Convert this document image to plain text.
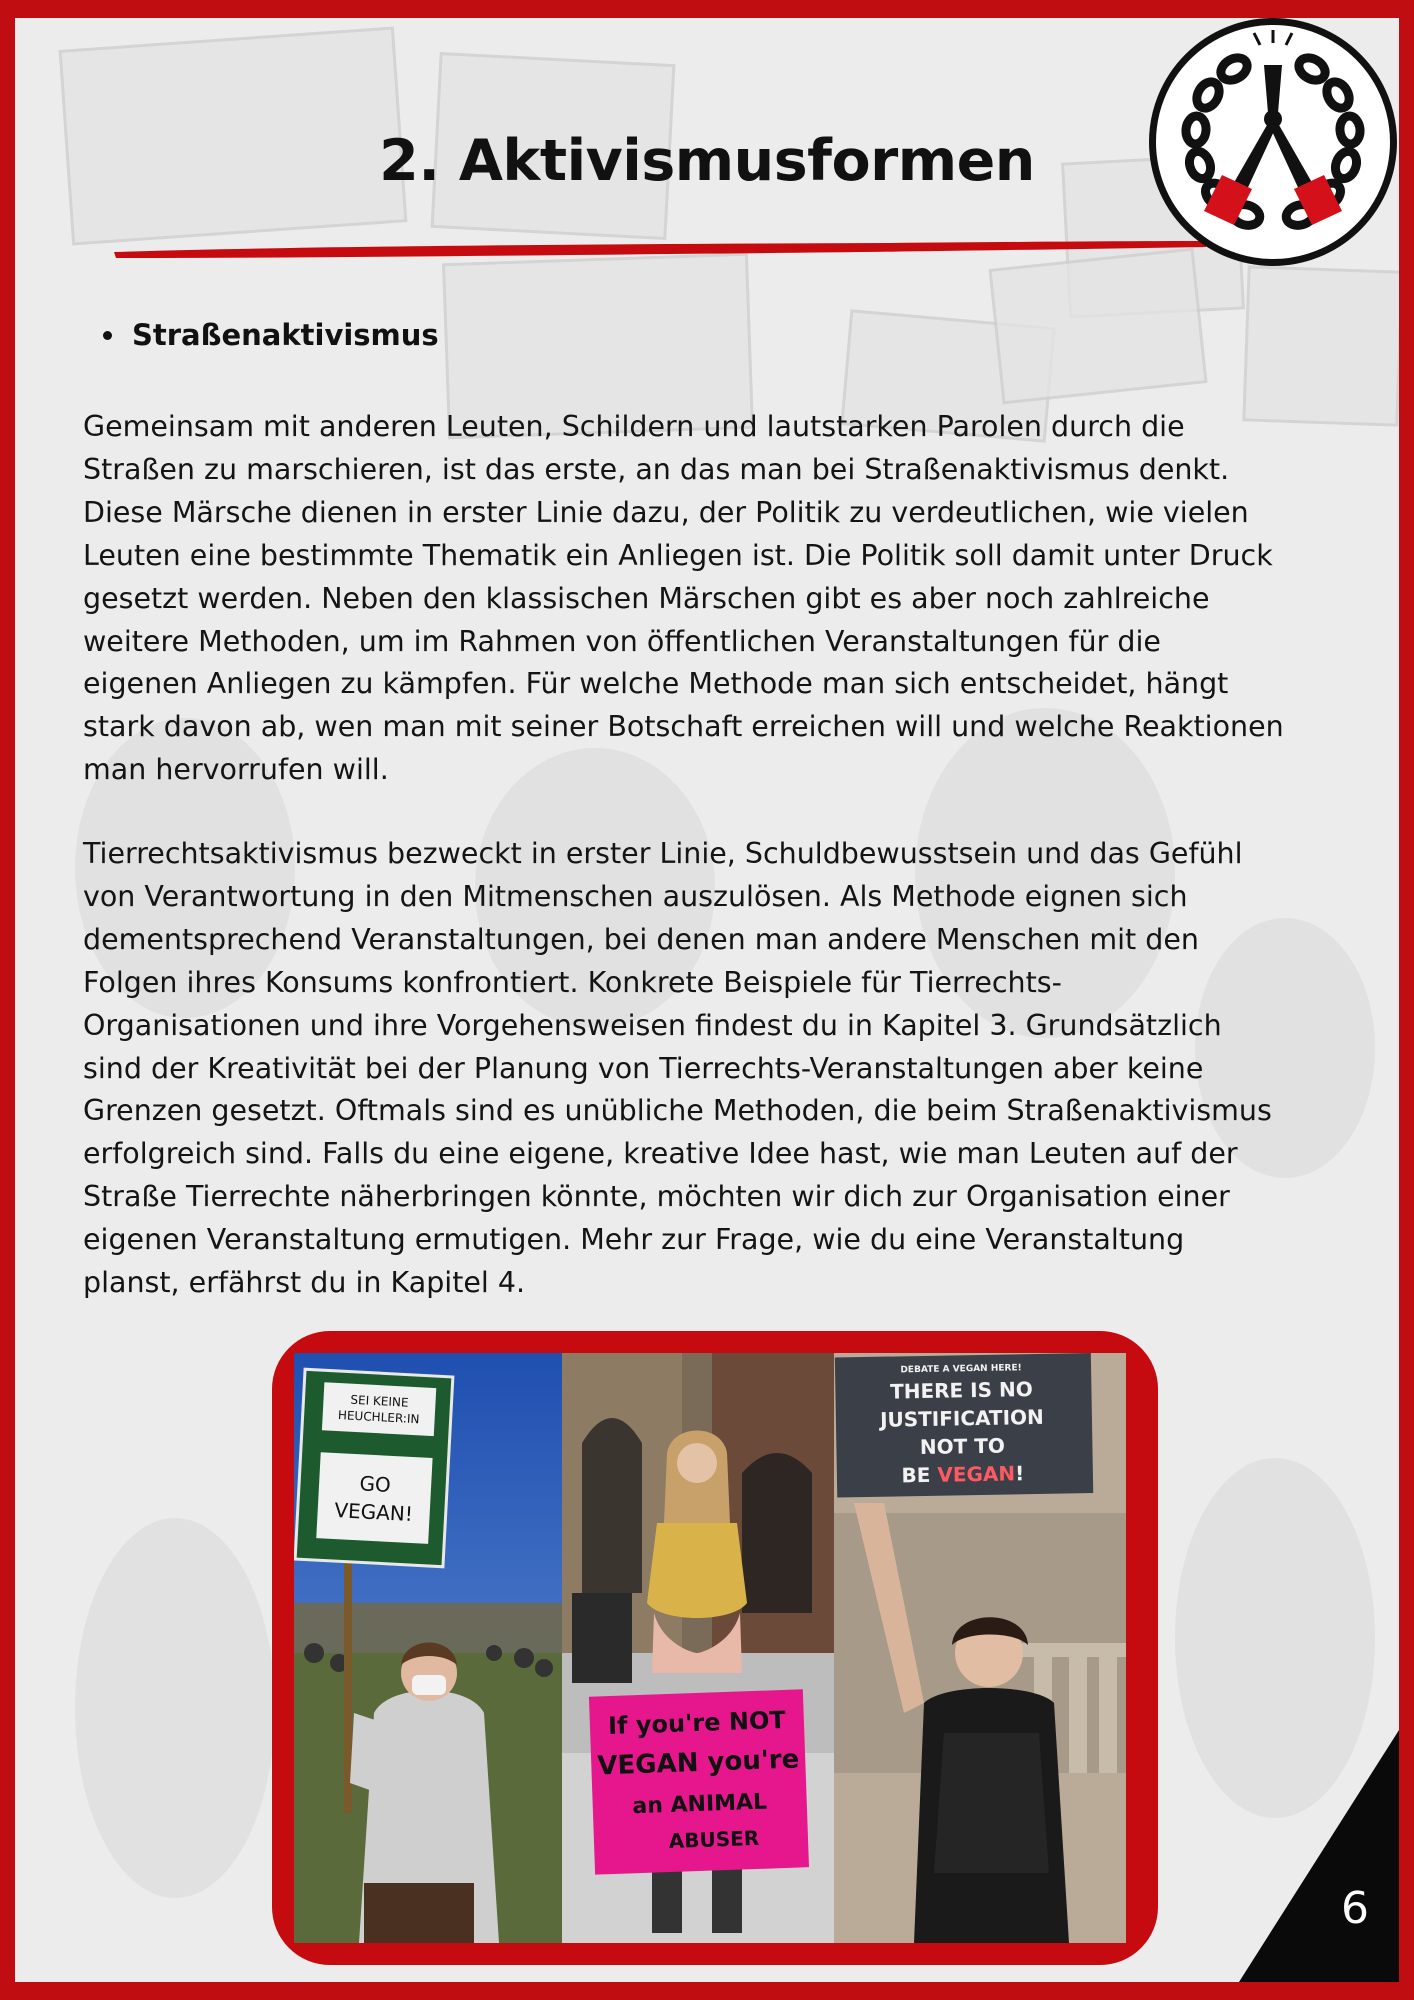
2. Aktivismusformen
Straßenaktivismus

Gemeinsam mit anderen Leuten, Schildern und lautstarken Parolen durch die
Straßen zu marschieren, ist das erste, an das man bei Straßenaktivismus denkt.
Diese Märsche dienen in erster Linie dazu, der Politik zu verdeutlichen, wie vielen
Leuten eine bestimmte Thematik ein Anliegen ist. Die Politik soll damit unter Druck
gesetzt werden. Neben den klassischen Märschen gibt es aber noch zahlreiche
weitere Methoden, um im Rahmen von öffentlichen Veranstaltungen für die
eigenen Anliegen zu kämpfen. Für welche Methode man sich entscheidet, hängt
stark davon ab, wen man mit seiner Botschaft erreichen will und welche Reaktionen
man hervorrufen will.

Tierrechtsaktivismus bezweckt in erster Linie, Schuldbewusstsein und das Gefühl
von Verantwortung in den Mitmenschen auszulösen. Als Methode eignen sich
dementsprechend Veranstaltungen, bei denen man andere Menschen mit den
Folgen ihres Konsums konfrontiert. Konkrete Beispiele für Tierrechts-
Organisationen und ihre Vorgehensweisen findest du in Kapitel 3. Grundsätzlich
sind der Kreativität bei der Planung von Tierrechts-Veranstaltungen aber keine
Grenzen gesetzt. Oftmals sind es unübliche Methoden, die beim Straßenaktivismus
erfolgreich sind. Falls du eine eigene, kreative Idee hast, wie man Leuten auf der
Straße Tierrechte näherbringen könnte, möchten wir dich zur Organisation einer
eigenen Veranstaltung ermutigen. Mehr zur Frage, wie du eine Veranstaltung
planst, erfährst du in Kapitel 4.

SEI KEINE
HEUCHLER:IN
GO
VEGAN!
If you're NOT
VEGAN you're
an ANIMAL
ABUSER
DEBATE A VEGAN HERE!
THERE IS NO
JUSTIFICATION
NOT TO
BE VEGAN!
6
